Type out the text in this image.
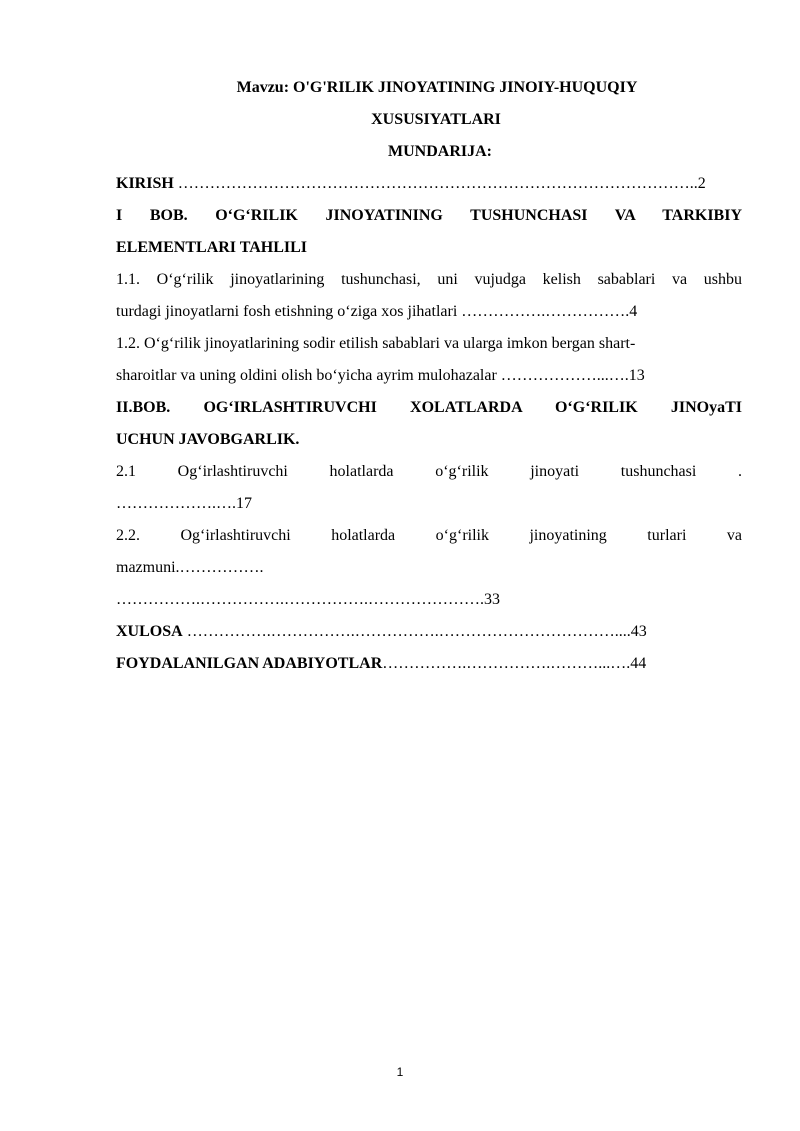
Mavzu: O'G'RILIK JINOYATINING JINOIY-HUQUQIY
XUSUSIYATLARI
MUNDARIJA:
KIRISH ……………………………………………………………………………………..2
I BOB. O‘G‘RILIK JINOYATINING TUSHUNCHASI VA TARKIBIY
ELEMENTLARI TAHLILI
1.1. O‘g‘rilik jinoyatlarining tushunchasi, uni vujudga kelish sabablari va ushbu
turdagi jinoyatlarni fosh etishning o‘ziga xos jihatlari …………….…………….4
1.2. O‘g‘rilik jinoyatlarining sodir etilish sabablari va ularga imkon bergan shart-
sharoitlar va uning oldini olish bo‘yicha ayrim mulohazalar ………………...….13
II.BOB. OG‘IRLASHTIRUVCHI XOLATLARDA O‘G‘RILIK JINOyaTI
UCHUN JAVOBGARLIK.
2.1 Og‘irlashtiruvchi holatlarda o‘g‘rilik jinoyati tushunchasi .
……………….….17
2.2. Og‘irlashtiruvchi holatlarda o‘g‘rilik jinoyatining turlari va
mazmuni.…………….
…………….…………….…………….………………….33
XULOSA …………….…………….…………….……………………………....43
FOYDALANILGAN ADABIYOTLAR…………….…………….………...….44
1
